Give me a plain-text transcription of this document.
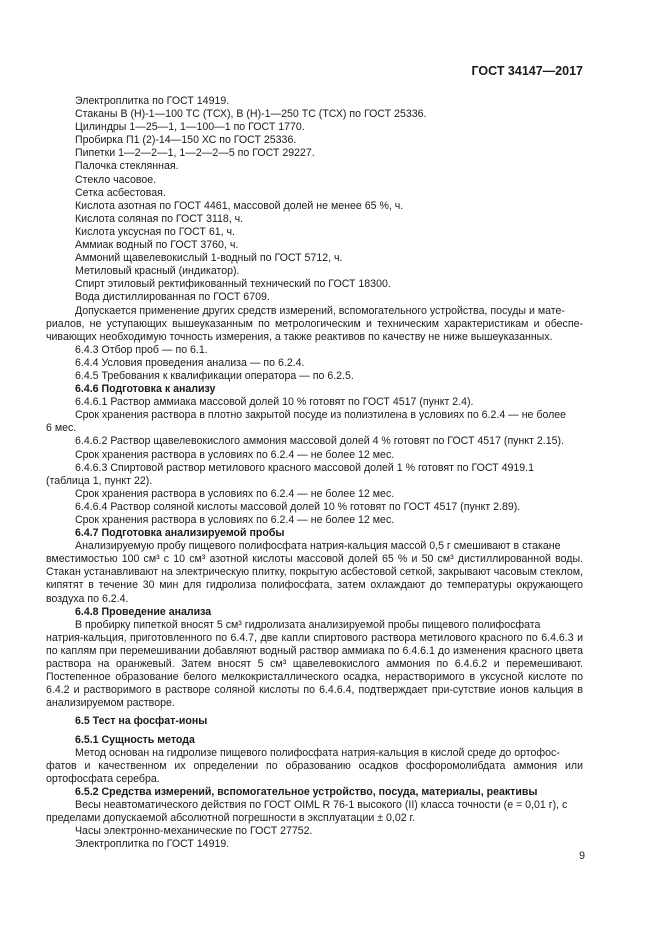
ГОСТ 34147—2017

Электроплитка по ГОСТ 14919.

Стаканы В (Н)-1—100 ТС (ТСХ), В (Н)-1—250 ТС (ТСХ) по ГОСТ 25336.

Цилиндры 1—25—1, 1—100—1 по ГОСТ 1770.

Пробирка П1 (2)-14—150 ХС по ГОСТ 25336.

Пипетки 1—2—2—1, 1—2—2—5 по ГОСТ 29227.

Палочка стеклянная.

Стекло часовое.

Сетка асбестовая.

Кислота азотная по ГОСТ 4461, массовой долей не менее 65 %, ч.

Кислота соляная по ГОСТ 3118, ч.

Кислота уксусная по ГОСТ 61, ч.

Аммиак водный по ГОСТ 3760, ч.

Аммоний щавелевокислый 1-водный по ГОСТ 5712, ч.

Метиловый красный (индикатор).

Спирт этиловый ректификованный технический по ГОСТ 18300.

Вода дистиллированная по ГОСТ 6709.

Допускается применение других средств измерений, вспомогательного устройства, посуды и мате-

риалов, не уступающих вышеуказанным по метрологическим и техническим характеристикам и обеспе-чивающих необходимую точность измерения, а также реактивов по качеству не ниже вышеуказанных.

6.4.3 Отбор проб — по 6.1.

6.4.4 Условия проведения анализа — по 6.2.4.

6.4.5 Требования к квалификации оператора — по 6.2.5.

6.4.6 Подготовка к анализу

6.4.6.1 Раствор аммиака массовой долей 10 % готовят по ГОСТ 4517 (пункт 2.4).

Срок хранения раствора в плотно закрытой посуде из полиэтилена в условиях по 6.2.4 — не более

6 мес.

6.4.6.2 Раствор щавелевокислого аммония массовой долей 4 % готовят по ГОСТ 4517 (пункт 2.15).

Срок хранения раствора в условиях по 6.2.4 — не более 12 мес.

6.4.6.3 Спиртовой раствор метилового красного массовой долей 1 % готовят по ГОСТ 4919.1

(таблица 1, пункт 22).

Срок хранения раствора в условиях по 6.2.4 — не более 12 мес.

6.4.6.4 Раствор соляной кислоты массовой долей 10 % готовят по ГОСТ 4517 (пункт 2.89).

Срок хранения раствора в условиях по 6.2.4 — не более 12 мес.

6.4.7 Подготовка анализируемой пробы

Анализируемую пробу пищевого полифосфата натрия-кальция массой 0,5 г смешивают в стакане

вместимостью 100 см³ с 10 см³ азотной кислоты массовой долей 65 % и 50 см³ дистиллированной воды. Стакан устанавливают на электрическую плитку, покрытую асбестовой сеткой, закрывают часовым стеклом, кипятят в течение 30 мин для гидролиза полифосфата, затем охлаждают до температуры окружающего воздуха по 6.2.4.

6.4.8 Проведение анализа

В пробирку пипеткой вносят 5 см³ гидролизата анализируемой пробы пищевого полифосфата

натрия-кальция, приготовленного по 6.4.7, две капли спиртового раствора метилового красного по 6.4.6.3 и по каплям при перемешивании добавляют водный раствор аммиака по 6.4.6.1 до изменения красного цвета раствора на оранжевый. Затем вносят 5 см³ щавелевокислого аммония по 6.4.6.2 и перемешивают. Постепенное образование белого мелкокристаллического осадка, нерастворимого в уксусной кислоте по 6.4.2 и растворимого в растворе соляной кислоты по 6.4.6.4, подтверждает при-сутствие ионов кальция в анализируемом растворе.

6.5 Тест на фосфат-ионы

6.5.1 Сущность метода

Метод основан на гидролизе пищевого полифосфата натрия-кальция в кислой среде до ортофос-

фатов и качественном их определении по образованию осадков фосфоромолибдата аммония или ортофосфата серебра.

6.5.2 Средства измерений, вспомогательное устройство, посуда, материалы, реактивы

Весы неавтоматического действия по ГОСТ OIML R 76-1 высокого (II) класса точности (e = 0,01 г), с

пределами допускаемой абсолютной погрешности в эксплуатации ± 0,02 г.

Часы электронно-механические по ГОСТ 27752.

Электроплитка по ГОСТ 14919.

9
